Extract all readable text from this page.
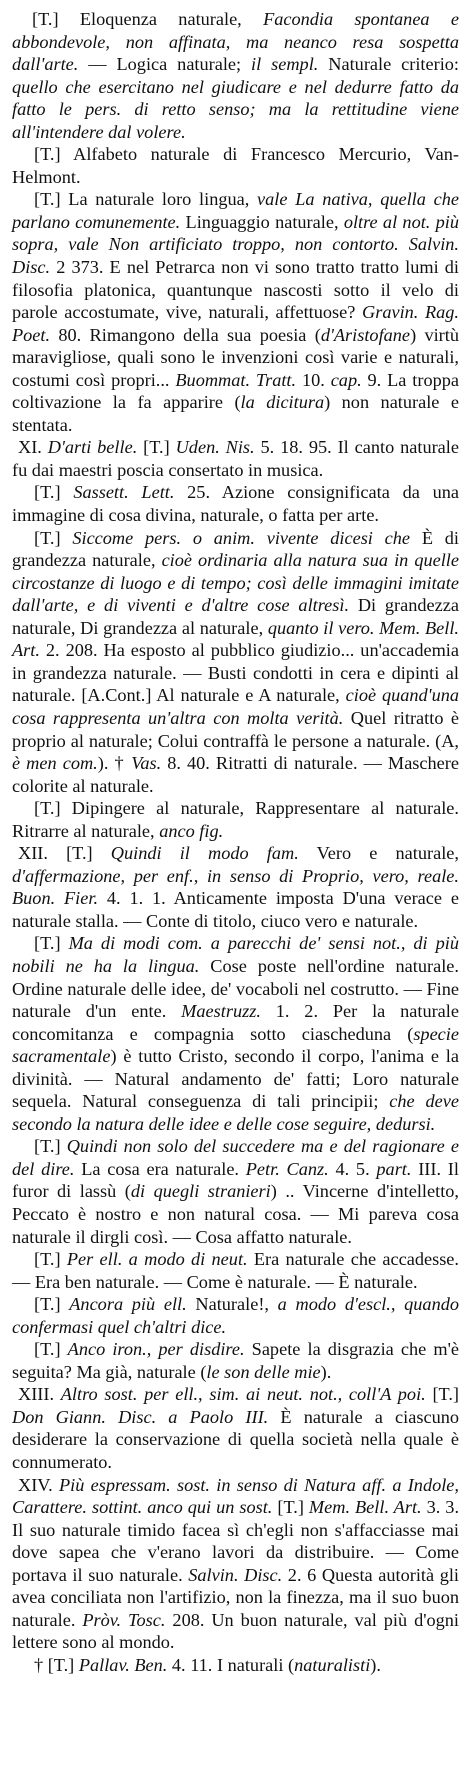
[T.] Eloquenza naturale, Facondia spontanea e abbondevole, non affinata, ma neanco resa sospetta dall'arte. — Logica naturale; il sempl. Naturale criterio: quello che esercitano nel giudicare e nel dedurre fatto da fatto le pers. di retto senso; ma la rettitudine viene all'intendere dal volere.

[T.] Alfabeto naturale di Francesco Mercurio, Van-Helmont.

[T.] La naturale loro lingua, vale La nativa, quella che parlano comunemente. Linguaggio naturale, oltre al not. più sopra, vale Non artificiato troppo, non contorto. Salvin. Disc. 2 373. E nel Petrarca non vi sono tratto tratto lumi di filosofia platonica, quantunque nascosti sotto il velo di parole accostumate, vive, naturali, affettuose? Gravin. Rag. Poet. 80. Rimangono della sua poesia (d'Aristofane) virtù maravigliose, quali sono le invenzioni così varie e naturali, costumi così propri... Buommat. Tratt. 10. cap. 9. La troppa coltivazione la fa apparire (la dicitura) non naturale e stentata.

XI. D'arti belle. [T.] Uden. Nis. 5. 18. 95. Il canto naturale fu dai maestri poscia consertato in musica.

[T.] Sassett. Lett. 25. Azione consignificata da una immagine di cosa divina, naturale, o fatta per arte.

[T.] Siccome pers. o anim. vivente dicesi che È di grandezza naturale, cioè ordinaria alla natura sua in quelle circostanze di luogo e di tempo; così delle immagini imitate dall'arte, e di viventi e d'altre cose altresì. Di grandezza naturale, Di grandezza al naturale, quanto il vero. Mem. Bell. Art. 2. 208. Ha esposto al pubblico giudizio... un'accademia in grandezza naturale. — Busti condotti in cera e dipinti al naturale. [A.Cont.] Al naturale e A naturale, cioè quand'una cosa rappresenta un'altra con molta verità. Quel ritratto è proprio al naturale; Colui contraffà le persone a naturale. (A, è men com.). † Vas. 8. 40. Ritratti di naturale. — Maschere colorite al naturale.

[T.] Dipingere al naturale, Rappresentare al naturale. Ritrarre al naturale, anco fig.

XII. [T.] Quindi il modo fam. Vero e naturale, d'affermazione, per enf., in senso di Proprio, vero, reale. Buon. Fier. 4. 1. 1. Anticamente imposta D'una verace e naturale stalla. — Conte di titolo, ciuco vero e naturale.

[T.] Ma di modi com. a parecchi de' sensi not., di più nobili ne ha la lingua. Cose poste nell'ordine naturale. Ordine naturale delle idee, de' vocaboli nel costrutto. — Fine naturale d'un ente. Maestruzz. 1. 2. Per la naturale concomitanza e compagnia sotto ciascheduna (specie sacramentale) è tutto Cristo, secondo il corpo, l'anima e la divinità. — Natural andamento de' fatti; Loro naturale sequela. Natural conseguenza di tali principii; che deve secondo la natura delle idee e delle cose seguire, dedursi.

[T.] Quindi non solo del succedere ma e del ragionare e del dire. La cosa era naturale. Petr. Canz. 4. 5. part. III. Il furor di lassù (di quegli stranieri) .. Vincerne d'intelletto, Peccato è nostro e non natural cosa. — Mi pareva cosa naturale il dirgli così. — Cosa affatto naturale.

[T.] Per ell. a modo di neut. Era naturale che accadesse. — Era ben naturale. — Come è naturale. — È naturale.

[T.] Ancora più ell. Naturale!, a modo d'escl., quando confermasi quel ch'altri dice.

[T.] Anco iron., per disdire. Sapete la disgrazia che m'è seguita? Ma già, naturale (le son delle mie).

XIII. Altro sost. per ell., sim. ai neut. not., coll'A poi. [T.] Don Giann. Disc. a Paolo III. È naturale a ciascuno desiderare la conservazione di quella società nella quale è connumerato.

XIV. Più espressam. sost. in senso di Natura aff. a Indole, Carattere. sottint. anco qui un sost. [T.] Mem. Bell. Art. 3. 3. Il suo naturale timido facea sì ch'egli non s'affacciasse mai dove sapea che v'erano lavori da distribuire. — Come portava il suo naturale. Salvin. Disc. 2. 6 Questa autorità gli avea conciliata non l'artifizio, non la finezza, ma il suo buon naturale. Pròv. Tosc. 208. Un buon naturale, val più d'ogni lettere sono al mondo.

† [T.] Pallav. Ben. 4. 11. I naturali (naturalisti).
